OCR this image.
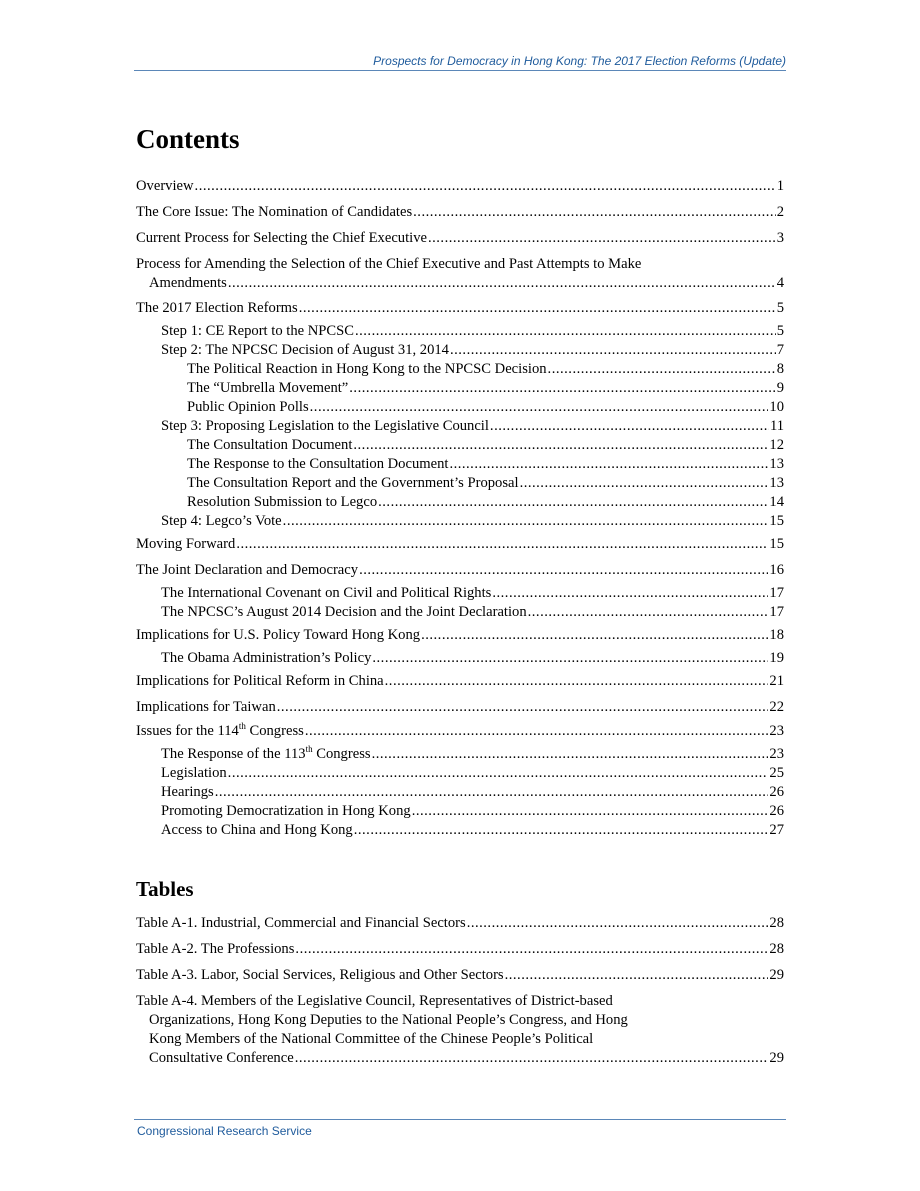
Prospects for Democracy in Hong Kong: The 2017 Election Reforms (Update)
Contents
Overview .....	1
The Core Issue: The Nomination of Candidates .....	2
Current Process for Selecting the Chief Executive .....	3
Process for Amending the Selection of the Chief Executive and Past Attempts to Make
Amendments .....	4
The 2017 Election Reforms .....	5
Step 1: CE Report to the NPCSC .....	5
Step 2: The NPCSC Decision of August 31, 2014 .....	7
The Political Reaction in Hong Kong to the NPCSC Decision .....	8
The “Umbrella Movement” .....	9
Public Opinion Polls .....	10
Step 3: Proposing Legislation to the Legislative Council .....	11
The Consultation Document .....	12
The Response to the Consultation Document .....	13
The Consultation Report and the Government’s Proposal .....	13
Resolution Submission to Legco .....	14
Step 4: Legco’s Vote .....	15
Moving Forward .....	15
The Joint Declaration and Democracy .....	16
The International Covenant on Civil and Political Rights .....	17
The NPCSC’s August 2014 Decision and the Joint Declaration .....	17
Implications for U.S. Policy Toward Hong Kong .....	18
The Obama Administration’s Policy .....	19
Implications for Political Reform in China .....	21
Implications for Taiwan .....	22
Issues for the 114th Congress .....	23
The Response of the 113th Congress .....	23
Legislation .....	25
Hearings .....	26
Promoting Democratization in Hong Kong .....	26
Access to China and Hong Kong .....	27
Tables
Table A-1. Industrial, Commercial and Financial Sectors .....	28
Table A-2. The Professions .....	28
Table A-3. Labor, Social Services, Religious and Other Sectors .....	29
Table A-4. Members of the Legislative Council, Representatives of District-based
Organizations, Hong Kong Deputies to the National People’s Congress, and Hong
Kong Members of the National Committee of the Chinese People’s Political
Consultative Conference .....	29
Congressional Research Service
